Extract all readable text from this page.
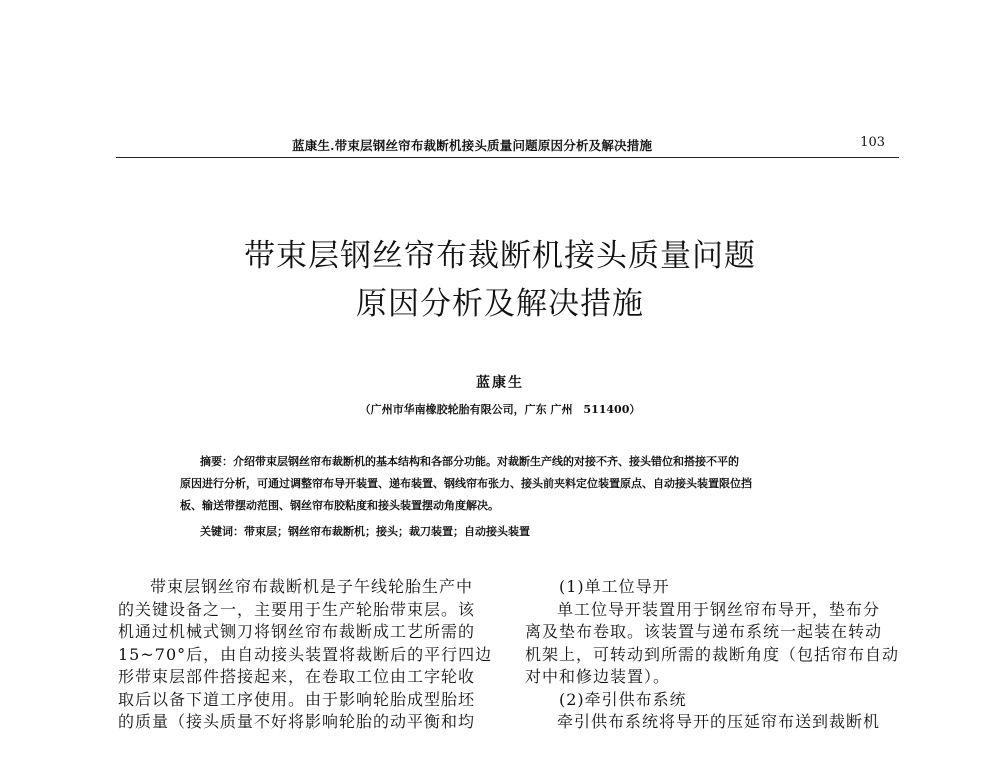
蓝康生.带束层钢丝帘布裁断机接头质量问题原因分析及解决措施	103
带束层钢丝帘布裁断机接头质量问题
原因分析及解决措施
蓝康生
（广州市华南橡胶轮胎有限公司，广东 广州　511400）
摘要：介绍带束层钢丝帘布裁断机的基本结构和各部分功能。对裁断生产线的对接不齐、接头错位和搭接不平的
原因进行分析，可通过调整帘布导开装置、递布装置、钢线帘布张力、接头前夹料定位装置原点、自动接头装置限位挡
板、输送带摆动范围、钢丝帘布胶粘度和接头装置摆动角度解决。
关键词：带束层；钢丝帘布裁断机；接头；裁刀装置；自动接头装置

带束层钢丝帘布裁断机是子午线轮胎生产中

的关键设备之一，主要用于生产轮胎带束层。该

机通过机械式铡刀将钢丝帘布裁断成工艺所需的

15~70°后，由自动接头装置将裁断后的平行四边

形带束层部件搭接起来，在卷取工位由工字轮收

取后以备下道工序使用。由于影响轮胎成型胎坯

的质量（接头质量不好将影响轮胎的动平衡和均

(1)单工位导开

单工位导开装置用于钢丝帘布导开，垫布分

离及垫布卷取。该装置与递布系统一起装在转动

机架上，可转动到所需的裁断角度（包括帘布自动

对中和修边装置）。

(2)牵引供布系统

牵引供布系统将导开的压延帘布送到裁断机
